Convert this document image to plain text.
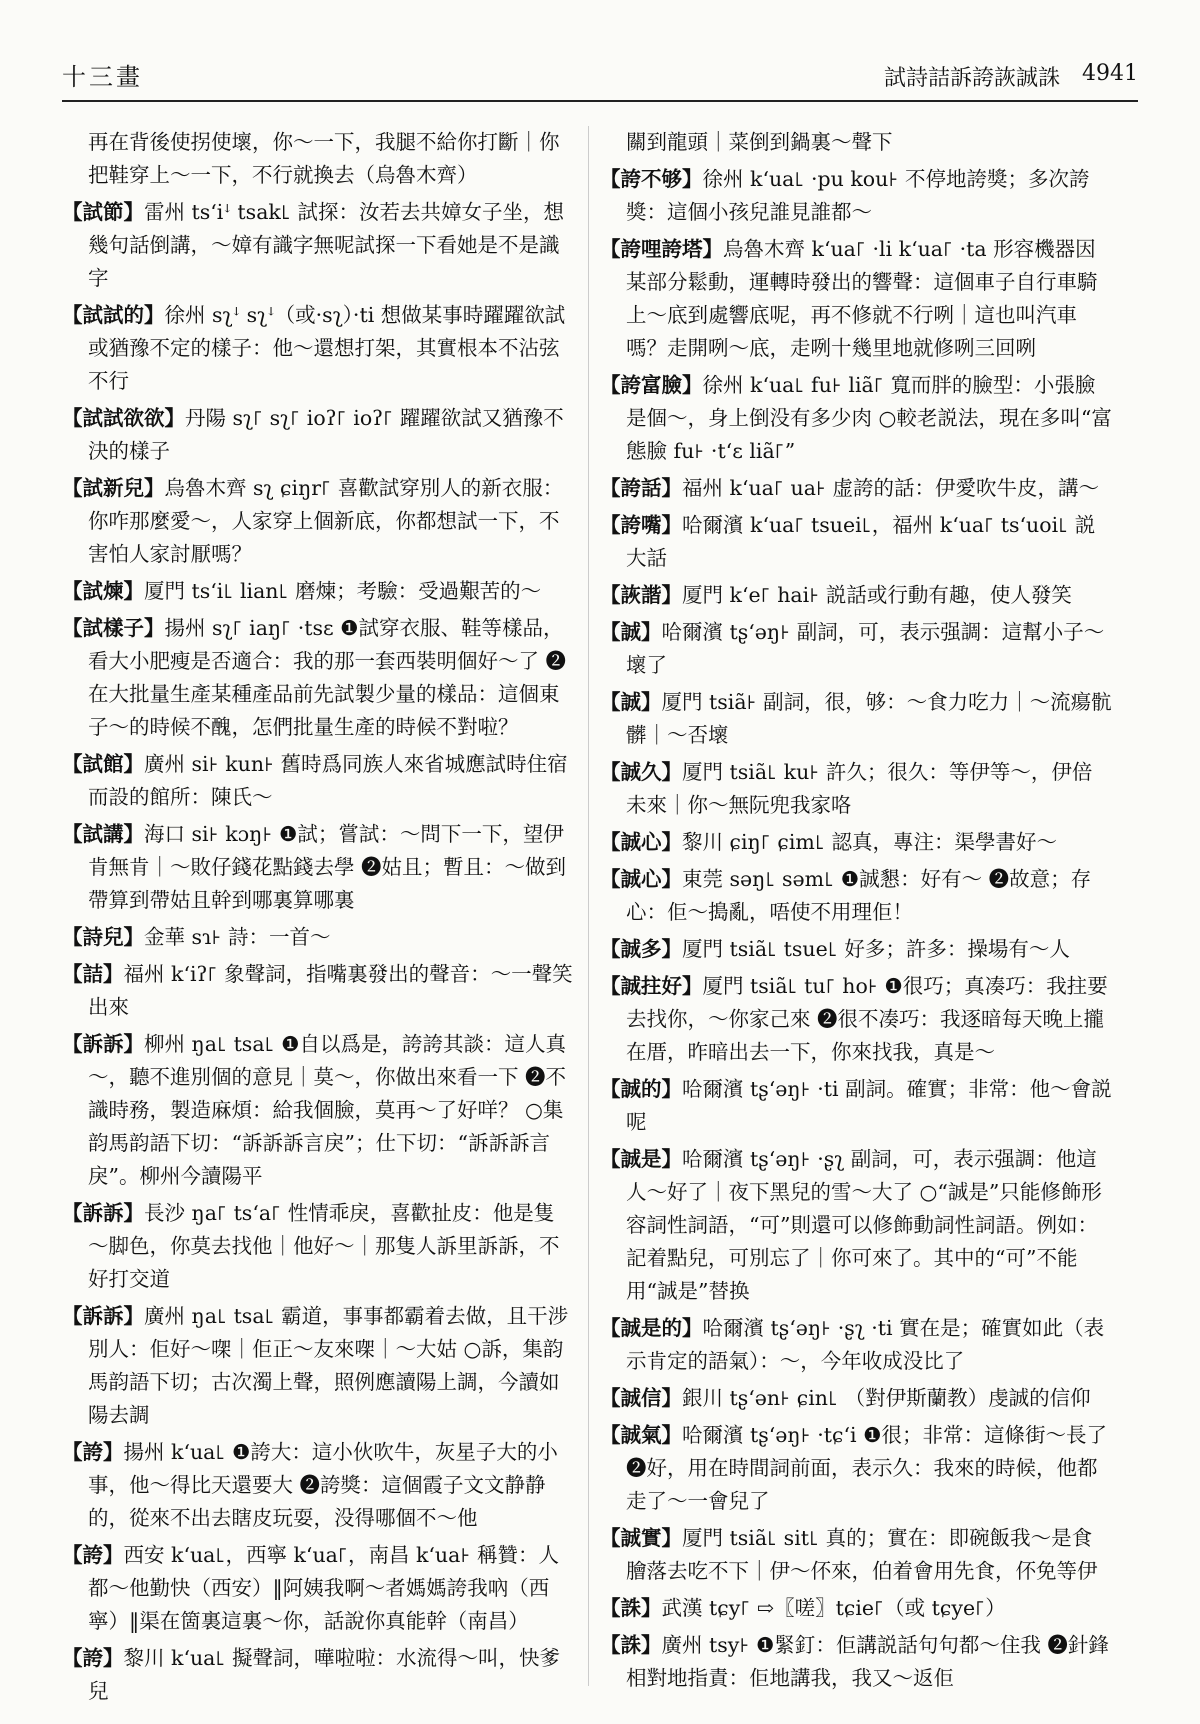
十三畫	試詩詰訴誇詼誠誅 4941

再在背後使拐使壞，你～一下，我腿不給你打斷｜你把鞋穿上～一下，不行就換去（烏魯木齊）

【試節】雷州 tsʻiꜜ tsak꜖ 試探：汝若去共嫜女子坐，想幾句話倒講，～嫜有識字無呢試探一下看她是不是識字

【試試的】徐州 sʅꜜ sʅꜜ（或·sʅ）·ti 想做某事時躍躍欲試或猶豫不定的樣子：他～還想打架，其實根本不沾弦不行

【試試欲欲】丹陽 sʅ꜒ sʅ꜒ ioʔ꜒ ioʔ꜒ 躍躍欲試又猶豫不決的樣子

【試新兒】烏魯木齊 sʅ ɕiŋr꜒ 喜歡試穿別人的新衣服：你咋那麼愛～，人家穿上個新底，你都想試一下，不害怕人家討厭嗎？

【試煉】厦門 tsʻi꜖ lian꜖ 磨煉；考驗：受過艱苦的～

【試樣子】揚州 sʅ꜒ iaŋ꜒ ·tsɛ ❶試穿衣服、鞋等樣品，看大小肥瘦是否適合：我的那一套西裝明個好～了 ❷在大批量生產某種產品前先試製少量的樣品：這個東子～的時候不醜，怎們批量生產的時候不對啦？

【試館】廣州 si꜔ kun꜔ 舊時爲同族人來省城應試時住宿而設的館所：陳氏～

【試講】海口 si꜔ kɔŋ꜔ ❶試；嘗試：～問下一下，望伊肯無肯｜～敗仔錢花點錢去學 ❷姑且；暫且：～做到帶算到帶姑且幹到哪裏算哪裏

【詩兒】金華 sɿ꜔ 詩：一首～

【詰】福州 kʻiʔ꜒ 象聲詞，指嘴裏發出的聲音：～一聲笑出來

【訴訴】柳州 ŋa꜖ tsa꜖ ❶自以爲是，誇誇其談：這人真～，聽不進別個的意見｜莫～，你做出來看一下 ❷不識時務，製造麻煩：給我個臉，莫再～了好咩？ ○集韵馬韵語下切：“訴訴訴言戾”；仕下切：“訴訴訴言戾”。柳州今讀陽平

【訴訴】長沙 ŋa꜒ tsʻa꜒ 性情乖戾，喜歡扯皮：他是隻～脚色，你莫去找他｜他好～｜那隻人訴里訴訴，不好打交道

【訴訴】廣州 ŋa꜖ tsa꜖ 霸道，事事都霸着去做，且干涉別人：佢好～㗎｜佢正～友來㗎｜～大姑 ○訴，集韵馬韵語下切；古次濁上聲，照例應讀陽上調，今讀如陽去調

【誇】揚州 kʻua꜖ ❶誇大：這小伙吹牛，灰星子大的小事，他～得比天還要大 ❷誇獎：這個霞子文文静静的，從來不出去瞎皮玩耍，没得哪個不～他

【誇】西安 kʻua꜖，西寧 kʻua꜒，南昌 kʻua꜔ 稱贊：人都～他勤快（西安）‖阿姨我啊～者媽媽誇我吶（西寧）‖渠在箇裏這裏～你，話說你真能幹（南昌）

【誇】黎川 kʻua꜖ 擬聲詞，嘩啦啦：水流得～叫，快爹兒

關到龍頭｜菜倒到鍋裏～聲下

【誇不够】徐州 kʻua꜖ ·pu kou꜔ 不停地誇獎；多次誇獎：這個小孩兒誰見誰都～

【誇哩誇塔】烏魯木齊 kʻua꜒ ·li kʻua꜒ ·ta 形容機器因某部分鬆動，運轉時發出的響聲：這個車子自行車騎上～底到處響底呢，再不修就不行咧｜這也叫汽車嗎？走開咧～底，走咧十幾里地就修咧三回咧

【誇富臉】徐州 kʻua꜖ fu꜔ liã꜒ 寬而胖的臉型：小張臉是個～，身上倒没有多少肉 ○較老説法，現在多叫“富態臉 fu꜔ ·tʻɛ liã꜒”

【誇話】福州 kʻua꜒ ua꜔ 虚誇的話：伊愛吹牛皮，講～

【誇嘴】哈爾濱 kʻua꜒ tsuei꜖，福州 kʻua꜒ tsʻuoi꜖ 説大話

【詼諧】厦門 kʻe꜒ hai꜔ 説話或行動有趣，使人發笑

【誠】哈爾濱 tʂʻəŋ꜔ 副詞，可，表示强調：這幫小子～壞了

【誠】厦門 tsiã꜔ 副詞，很，够：～食力吃力｜～流瘍骯髒｜～否壞

【誠久】厦門 tsiã꜖ ku꜔ 許久；很久：等伊等～，伊倍未來｜你～無阮兜我家咯

【誠心】黎川 ɕiŋ꜒ ɕim꜖ 認真，專注：渠學書好～

【誠心】東莞 səŋ꜖ səm꜖ ❶誠懇：好有～ ❷故意；存心：佢～搗亂，唔使不用理佢！

【誠多】厦門 tsiã꜖ tsue꜖ 好多；許多：操場有～人

【誠拄好】厦門 tsiã꜖ tu꜒ ho꜔ ❶很巧；真凑巧：我拄要去找你，～你家己來 ❷很不凑巧：我逐暗每天晚上攏在厝，昨暗出去一下，你來找我，真是～

【誠的】哈爾濱 tʂʻəŋ꜔ ·ti 副詞。確實；非常：他～會説呢

【誠是】哈爾濱 tʂʻəŋ꜔ ·ʂʅ 副詞，可，表示强調：他這人～好了｜夜下黑兒的雪～大了 ○“誠是”只能修飾形容詞性詞語，“可”則還可以修飾動詞性詞語。例如：記着點兒，可別忘了｜你可來了。其中的“可”不能用“誠是”替换

【誠是的】哈爾濱 tʂʻəŋ꜔ ·ʂʅ ·ti 實在是；確實如此（表示肯定的語氣）：～，今年收成没比了

【誠信】銀川 tʂʻən꜔ ɕin꜖ （對伊斯蘭教）虔誠的信仰

【誠氣】哈爾濱 tʂʻəŋ꜔ ·tɕʻi ❶很；非常：這條街～長了 ❷好，用在時間詞前面，表示久：我來的時候，他都走了～一會兒了

【誠實】厦門 tsiã꜖ sit꜖ 真的；實在：即碗飯我～是食膾落去吃不下｜伊～伓來，伯着會用先食，伓免等伊

【誅】武漢 tɕy꜒ ⇨〖嗟〗tɕie꜒（或 tɕye꜒）

【誅】廣州 tsy꜔ ❶緊釘：佢講説話句句都～住我 ❷針鋒相對地指責：佢地講我，我又～返佢
